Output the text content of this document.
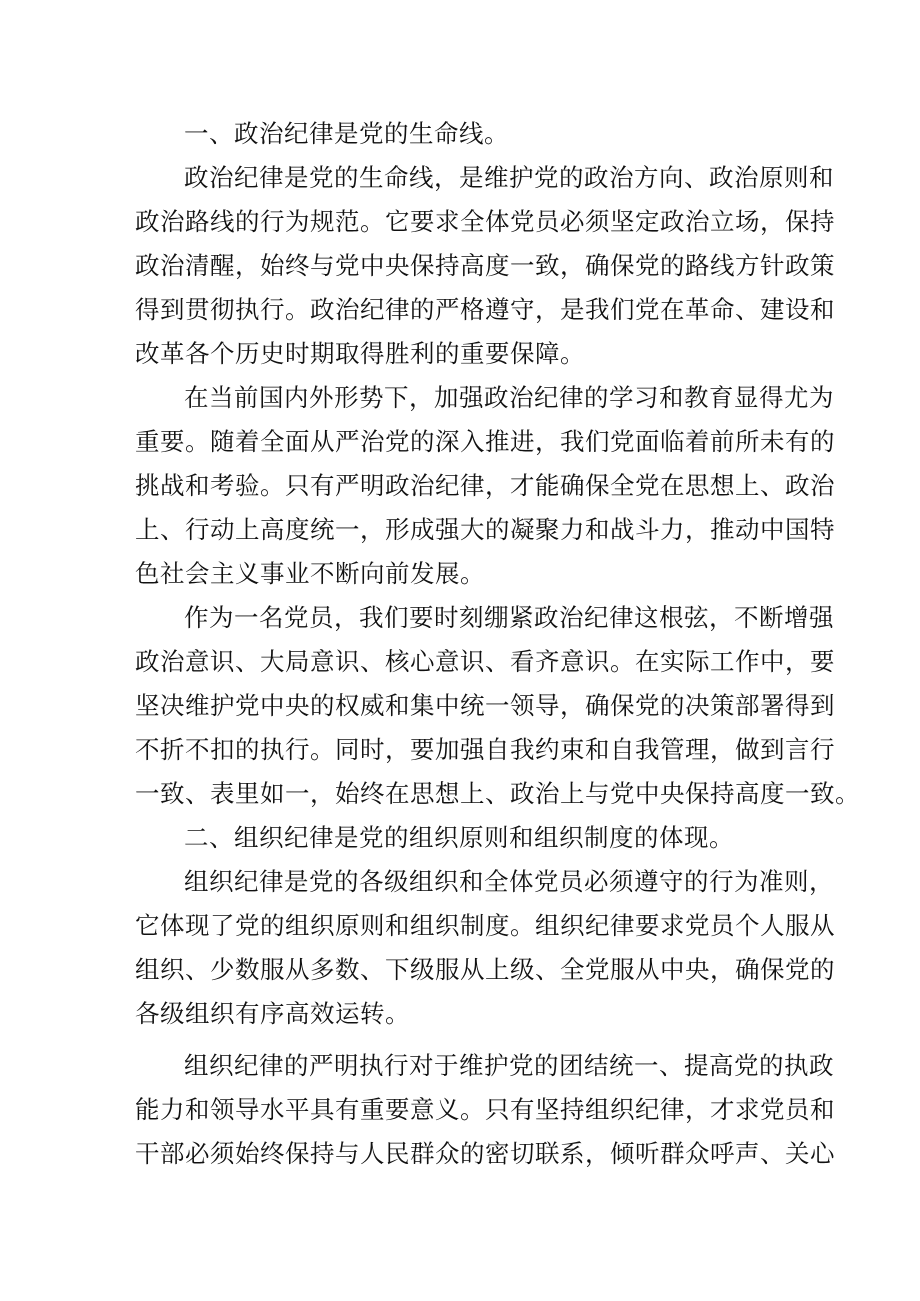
一、政治纪律是党的生命线。
政治纪律是党的生命线，是维护党的政治方向、政治原则和
政治路线的行为规范。它要求全体党员必须坚定政治立场，保持
政治清醒，始终与党中央保持高度一致，确保党的路线方针政策
得到贯彻执行。政治纪律的严格遵守，是我们党在革命、建设和
改革各个历史时期取得胜利的重要保障。
在当前国内外形势下，加强政治纪律的学习和教育显得尤为
重要。随着全面从严治党的深入推进，我们党面临着前所未有的
挑战和考验。只有严明政治纪律，才能确保全党在思想上、政治
上、行动上高度统一，形成强大的凝聚力和战斗力，推动中国特
色社会主义事业不断向前发展。
作为一名党员，我们要时刻绷紧政治纪律这根弦，不断增强
政治意识、大局意识、核心意识、看齐意识。在实际工作中，要
坚决维护党中央的权威和集中统一领导，确保党的决策部署得到
不折不扣的执行。同时，要加强自我约束和自我管理，做到言行
一致、表里如一，始终在思想上、政治上与党中央保持高度一致。
二、组织纪律是党的组织原则和组织制度的体现。
组织纪律是党的各级组织和全体党员必须遵守的行为准则，
它体现了党的组织原则和组织制度。组织纪律要求党员个人服从
组织、少数服从多数、下级服从上级、全党服从中央，确保党的
各级组织有序高效运转。
组织纪律的严明执行对于维护党的团结统一、提高党的执政
能力和领导水平具有重要意义。只有坚持组织纪律，才求党员和
干部必须始终保持与人民群众的密切联系，倾听群众呼声、关心
